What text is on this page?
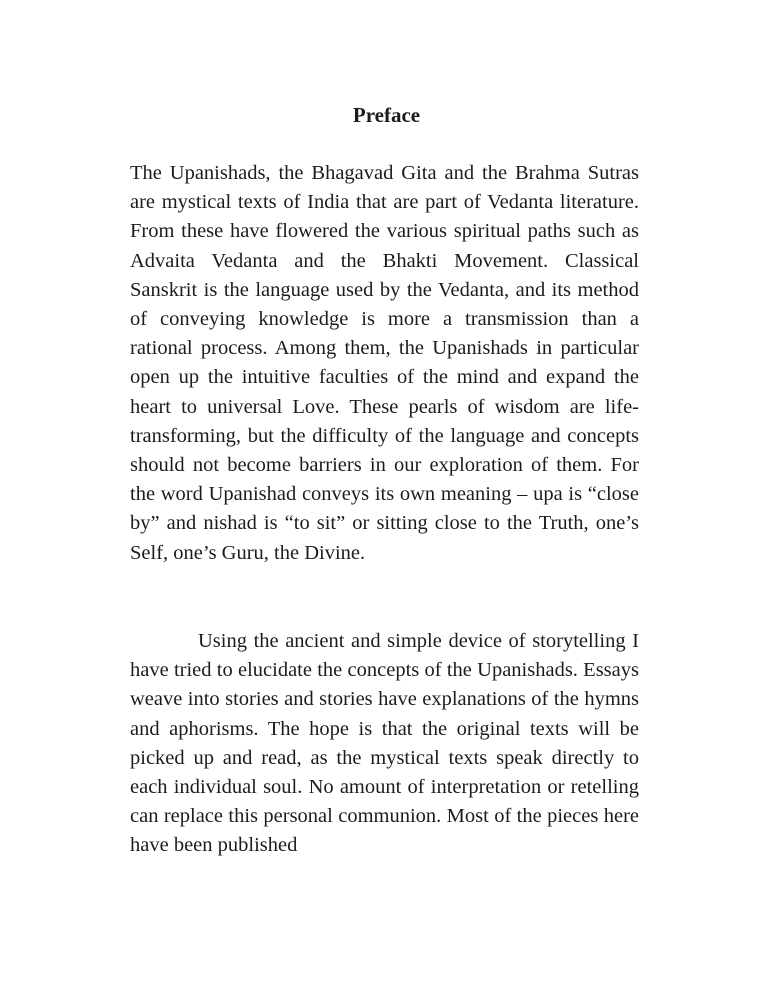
Preface

The Upanishads, the Bhagavad Gita and the Brahma Sutras are mystical texts of India that are part of Vedanta literature. From these have flowered the various spiritual paths such as Advaita Vedanta and the Bhakti Movement. Classical Sanskrit is the language used by the Vedanta, and its method of conveying knowledge is more a transmission than a rational process. Among them, the Upanishads in particular open up the intuitive faculties of the mind and expand the heart to universal Love. These pearls of wisdom are life-transforming, but the difficulty of the language and concepts should not become barriers in our exploration of them. For the word Upanishad conveys its own meaning – upa is “close by” and nishad is “to sit” or sitting close to the Truth, one’s Self, one’s Guru, the Divine.

Using the ancient and simple device of storytelling I have tried to elucidate the concepts of the Upanishads. Essays weave into stories and stories have explanations of the hymns and aphorisms. The hope is that the original texts will be picked up and read, as the mystical texts speak directly to each individual soul. No amount of interpretation or retelling can replace this personal communion. Most of the pieces here have been published
